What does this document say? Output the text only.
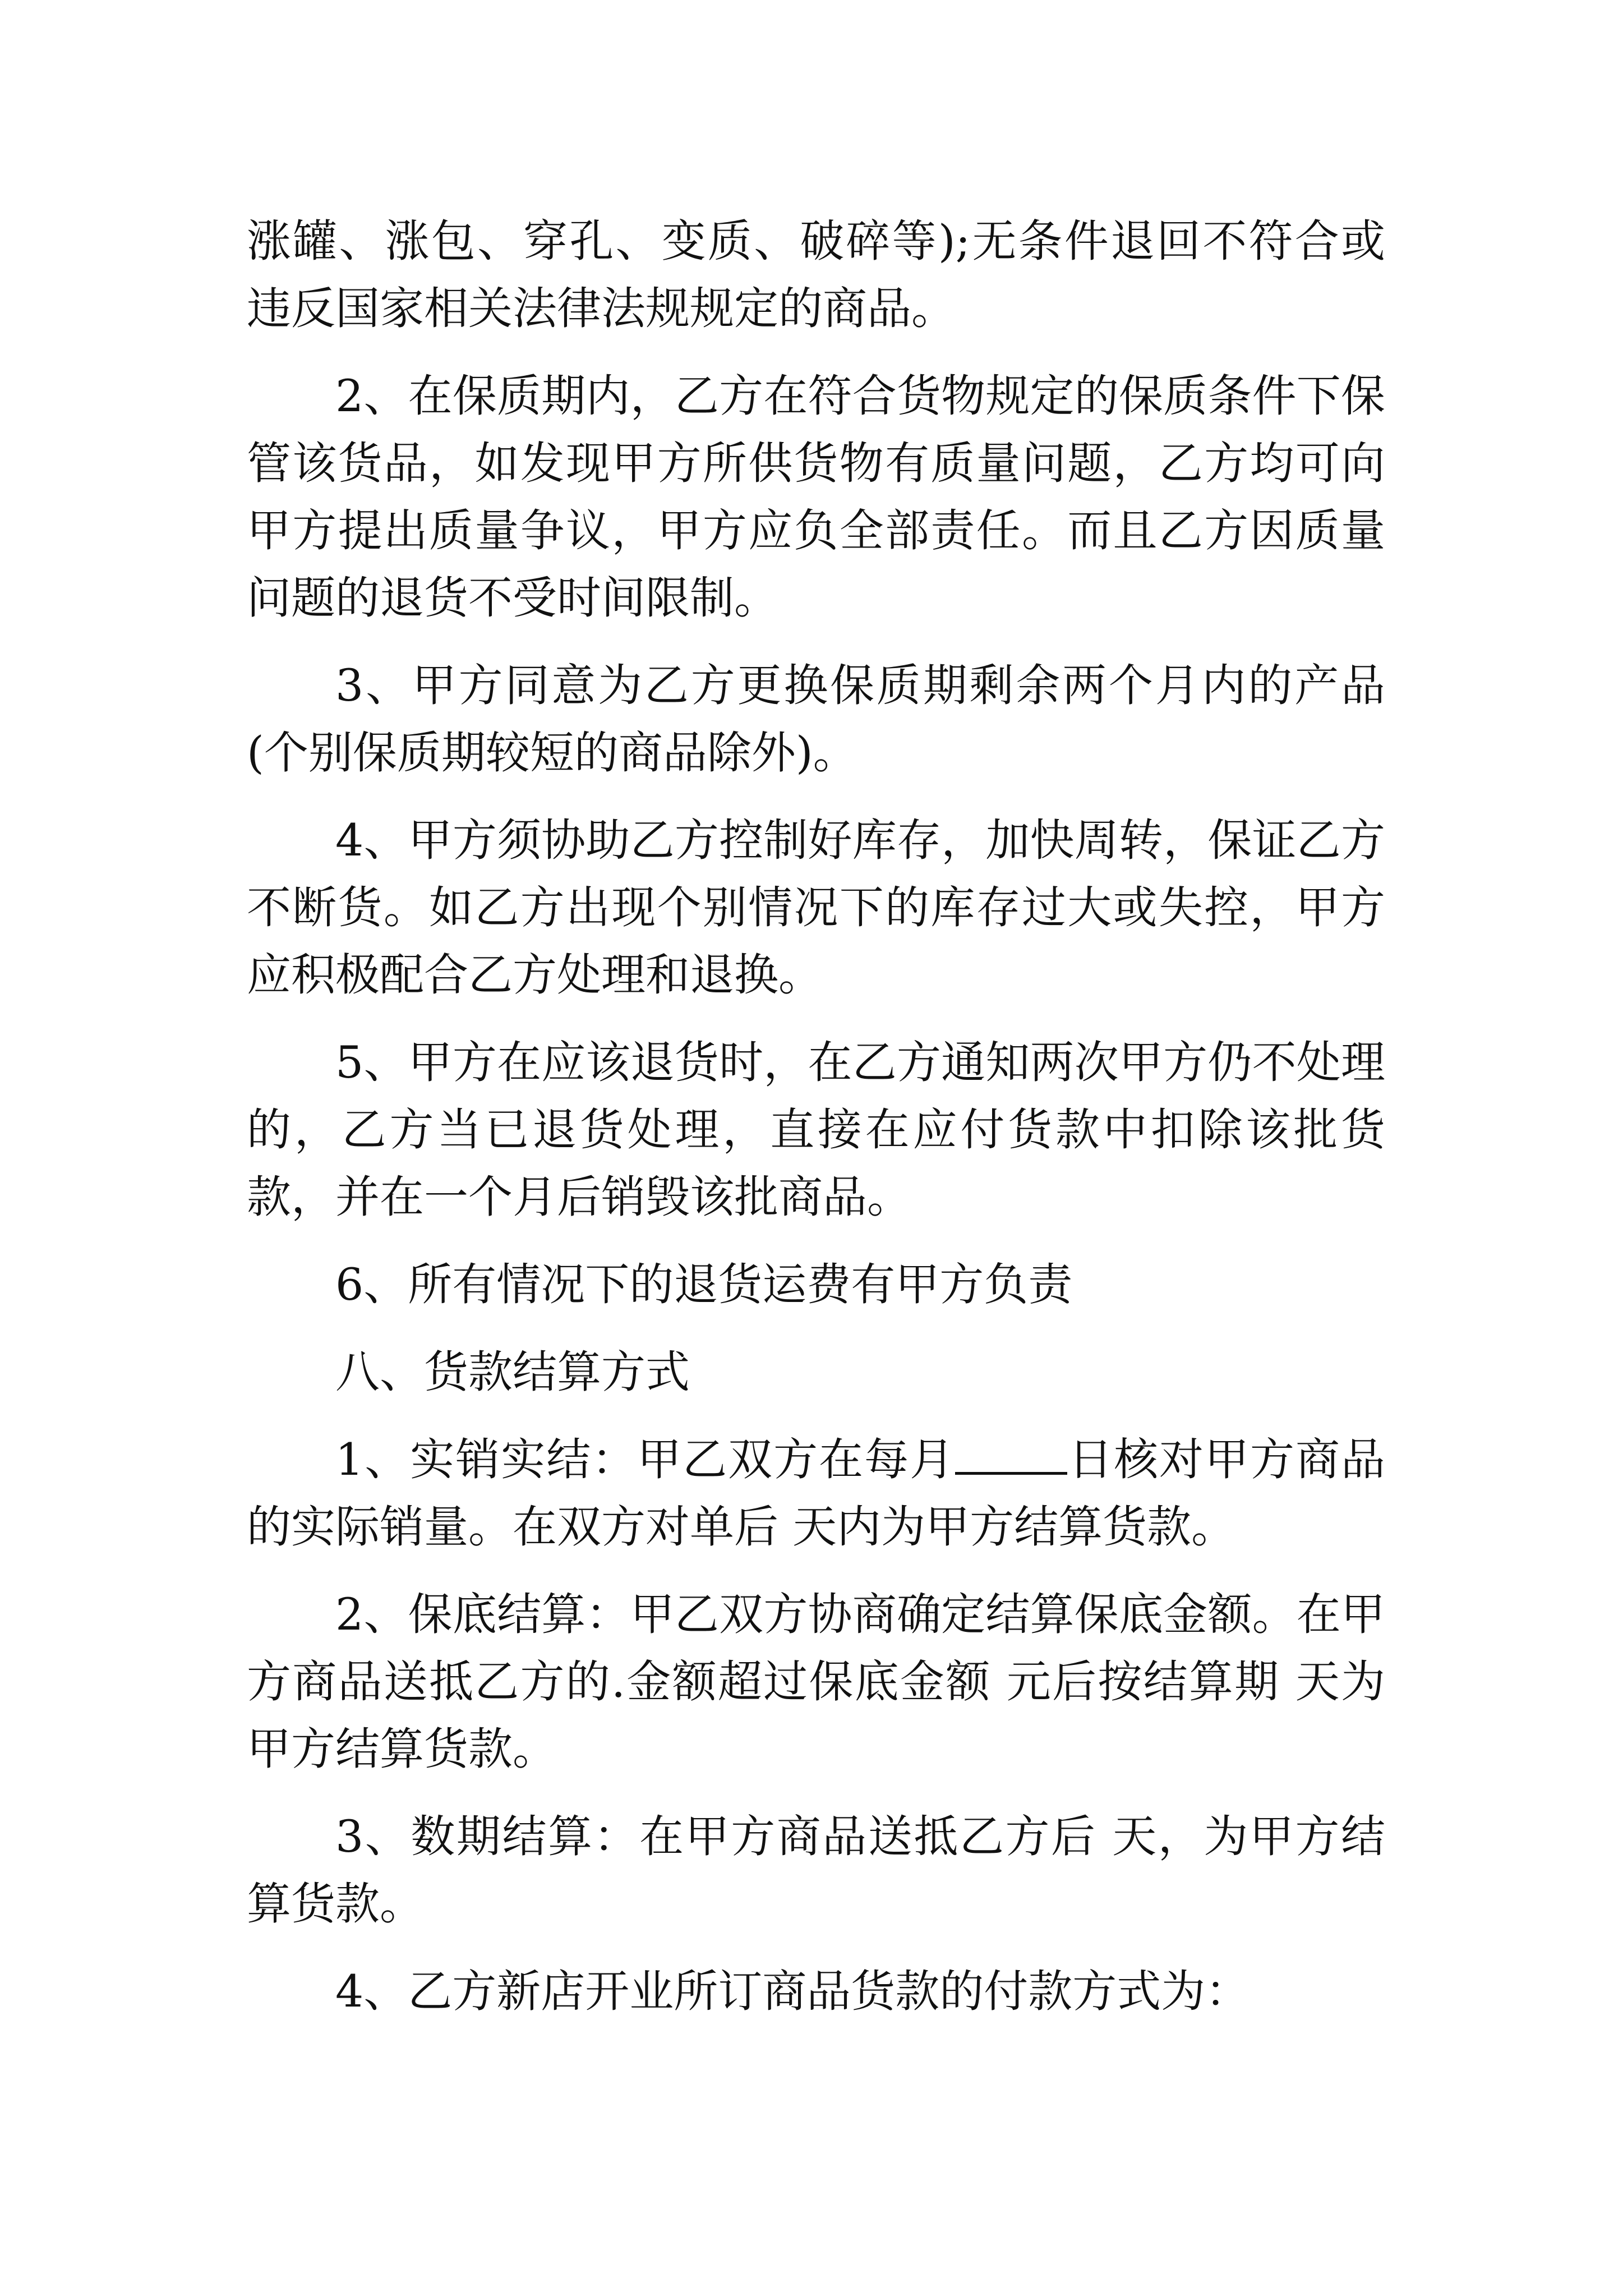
涨罐、涨包、穿孔、变质、破碎等);无条件退回不符合或违反国家相关法律法规规定的商品。

2、在保质期内，乙方在符合货物规定的保质条件下保管该货品，如发现甲方所供货物有质量问题，乙方均可向甲方提出质量争议，甲方应负全部责任。而且乙方因质量问题的退货不受时间限制。

3、甲方同意为乙方更换保质期剩余两个月内的产品(个别保质期较短的商品除外)。

4、甲方须协助乙方控制好库存，加快周转，保证乙方不断货。如乙方出现个别情况下的库存过大或失控，甲方应积极配合乙方处理和退换。

5、甲方在应该退货时，在乙方通知两次甲方仍不处理的，乙方当已退货处理，直接在应付货款中扣除该批货款，并在一个月后销毁该批商品。

6、所有情况下的退货运费有甲方负责

八、货款结算方式

1、实销实结：甲乙双方在每月	日核对甲方商品的实际销量。在双方对单后 天内为甲方结算货款。

2、保底结算：甲乙双方协商确定结算保底金额。在甲方商品送抵乙方的.金额超过保底金额 元后按结算期 天为甲方结算货款。

3、数期结算：在甲方商品送抵乙方后 天，为甲方结算货款。

4、乙方新店开业所订商品货款的付款方式为：
